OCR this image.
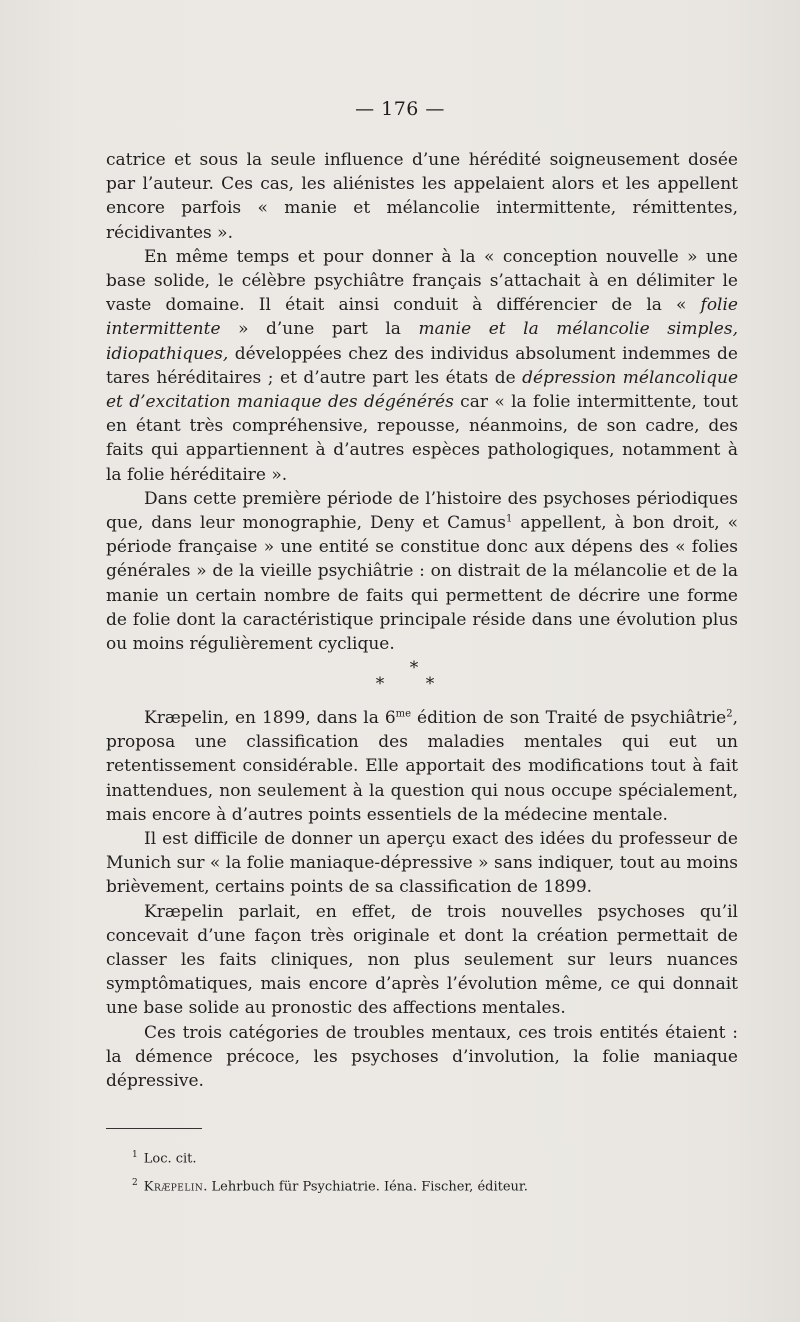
— 176 —

catrice et sous la seule influence d’une hérédité soigneusement dosée par l’auteur. Ces cas, les aliénistes les appelaient alors et les appellent encore parfois « manie et mélancolie intermittente, rémittentes, récidivantes ».

En même temps et pour donner à la « conception nouvelle » une base solide, le célèbre psychiâtre français s’attachait à en délimiter le vaste domaine. Il était ainsi conduit à différencier de la « folie intermittente » d’une part la manie et la mélancolie simples, idiopathiques, développées chez des individus absolument indemmes de tares héréditaires ; et d’autre part les états de dépression mélancolique et d’excitation maniaque des dégénérés car « la folie intermittente, tout en étant très compréhensive, repousse, néanmoins, de son cadre, des faits qui appartiennent à d’autres espèces pathologiques, notamment à la folie héréditaire ».

Dans cette première période de l’histoire des psychoses périodiques que, dans leur monographie, Deny et Camus$^1$ appellent, à bon droit, « période française » une entité se constitue donc aux dépens des « folies générales » de la vieille psychiâtrie : on distrait de la mélancolie et de la manie un certain nombre de faits qui permettent de décrire une forme de folie dont la caractéristique principale réside dans une évolution plus ou moins régulièrement cyclique.

*
* *

Kræpelin, en 1899, dans la $6^{me}$ édition de son Traité de psychiâtrie$^2$, proposa une classification des maladies mentales qui eut un retentissement considérable. Elle apportait des modifications tout à fait inattendues, non seulement à la question qui nous occupe spécialement, mais encore à d’autres points essentiels de la médecine mentale.

Il est difficile de donner un aperçu exact des idées du professeur de Munich sur « la folie maniaque-dépressive » sans indiquer, tout au moins brièvement, certains points de sa classification de 1899.

Kræpelin parlait, en effet, de trois nouvelles psychoses qu’il concevait d’une façon très originale et dont la création permettait de classer les faits cliniques, non plus seulement sur leurs nuances symptômatiques, mais encore d’après l’évolution même, ce qui donnait une base solide au pronostic des affections mentales.

Ces trois catégories de troubles mentaux, ces trois entités étaient : la démence précoce, les psychoses d’involution, la folie maniaque dépressive.

$^1$ Loc. cit.
$^2$ Kræpelin. Lehrbuch für Psychiatrie. Iéna. Fischer, éditeur.
